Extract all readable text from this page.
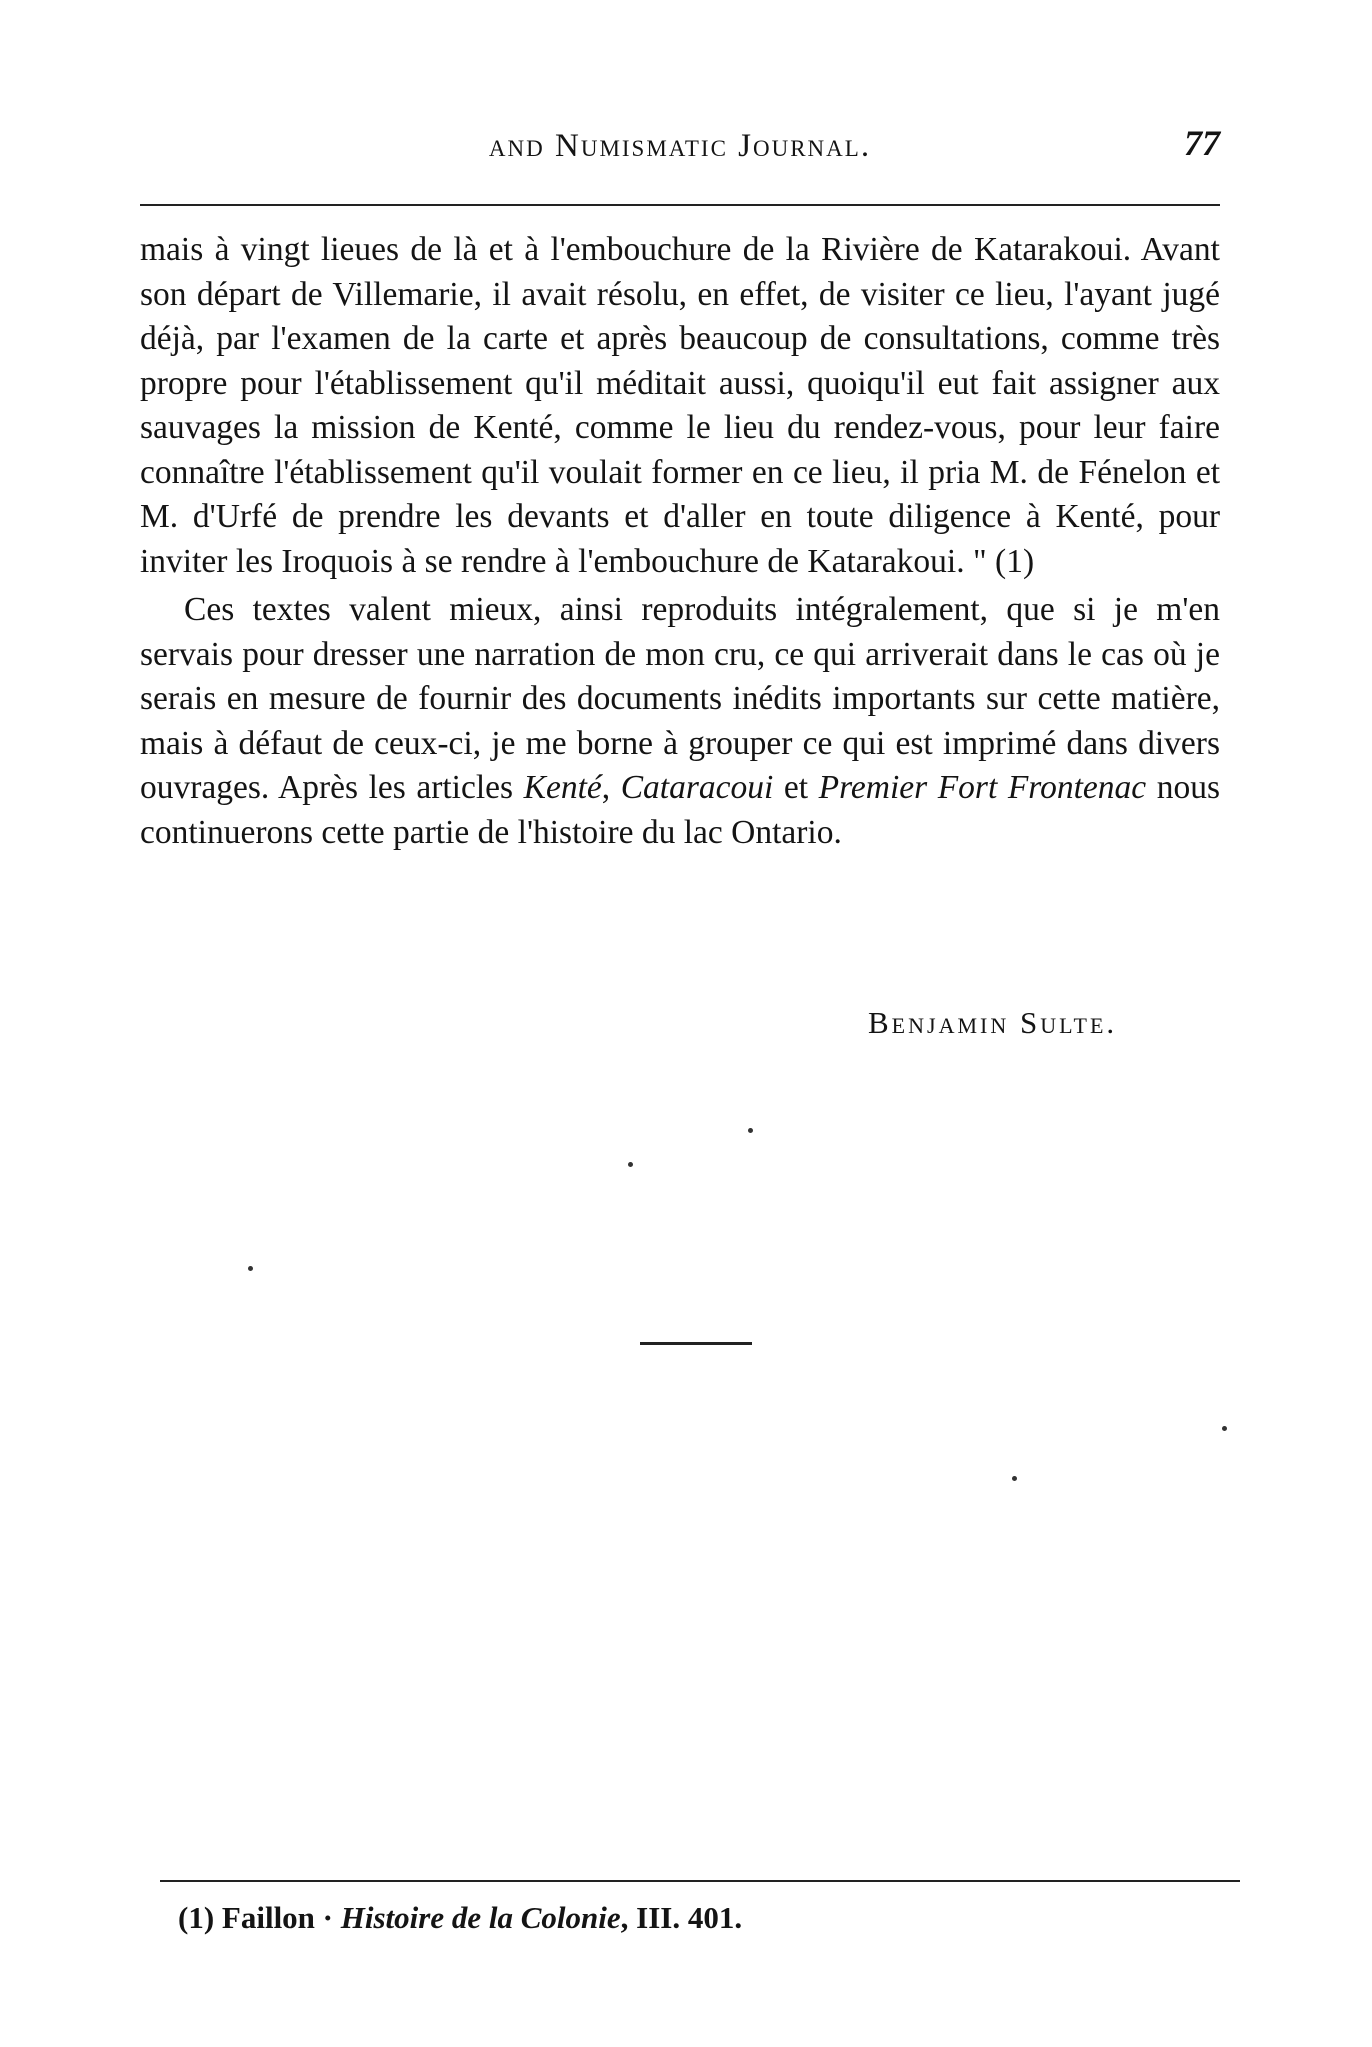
and Numismatic Journal.	77

mais à vingt lieues de là et à l'embouchure de la Rivière de Katarakoui. Avant son départ de Villemarie, il avait résolu, en effet, de visiter ce lieu, l'ayant jugé déjà, par l'examen de la carte et après beaucoup de consultations, comme très propre pour l'établissement qu'il méditait aussi, quoiqu'il eut fait assigner aux sauvages la mission de Kenté, comme le lieu du rendez-vous, pour leur faire connaître l'établissement qu'il voulait former en ce lieu, il pria M. de Fénelon et M. d'Urfé de prendre les devants et d'aller en toute diligence à Kenté, pour inviter les Iroquois à se rendre à l'embouchure de Katarakoui. " (1)

Ces textes valent mieux, ainsi reproduits intégralement, que si je m'en servais pour dresser une narration de mon cru, ce qui arriverait dans le cas où je serais en mesure de fournir des documents inédits importants sur cette matière, mais à défaut de ceux-ci, je me borne à grouper ce qui est imprimé dans divers ouvrages. Après les articles Kenté, Cataracoui et Premier Fort Frontenac nous continuerons cette partie de l'histoire du lac Ontario.

Benjamin Sulte.
(1) Faillon · Histoire de la Colonie, III. 401.
